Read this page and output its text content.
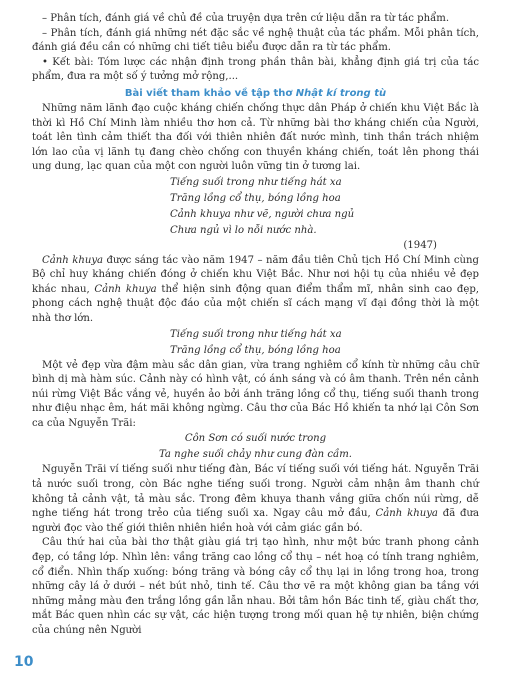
– Phân tích, đánh giá về chủ đề của truyện dựa trên cứ liệu dẫn ra từ tác phẩm.

– Phân tích, đánh giá những nét đặc sắc về nghệ thuật của tác phẩm. Mỗi phân tích, đánh giá đều cần có những chi tiết tiêu biểu được dẫn ra từ tác phẩm.

• Kết bài: Tóm lược các nhận định trong phần thân bài, khẳng định giá trị của tác phẩm, đưa ra một số ý tưởng mở rộng,...

Bài viết tham khảo về tập thơ Nhật kí trong tù

Những năm lãnh đạo cuộc kháng chiến chống thực dân Pháp ở chiến khu Việt Bắc là thời kì Hồ Chí Minh làm nhiều thơ hơn cả. Từ những bài thơ kháng chiến của Người, toát lên tình cảm thiết tha đối với thiên nhiên đất nước mình, tinh thần trách nhiệm lớn lao của vị lãnh tụ đang chèo chống con thuyền kháng chiến, toát lên phong thái ung dung, lạc quan của một con người luôn vững tin ở tương lai.

Tiếng suối trong như tiếng hát xa
Trăng lồng cổ thụ, bóng lồng hoa
Cảnh khuya như vẽ, người chưa ngủ
Chưa ngủ vì lo nỗi nước nhà.
(1947)

Cảnh khuya được sáng tác vào năm 1947 – năm đầu tiên Chủ tịch Hồ Chí Minh cùng Bộ chỉ huy kháng chiến đóng ở chiến khu Việt Bắc. Như nơi hội tụ của nhiều vẻ đẹp khác nhau, Cảnh khuya thể hiện sinh động quan điểm thẩm mĩ, nhân sinh cao đẹp, phong cách nghệ thuật độc đáo của một chiến sĩ cách mạng vĩ đại đồng thời là một nhà thơ lớn.

Tiếng suối trong như tiếng hát xa
Trăng lồng cổ thụ, bóng lồng hoa

Một vẻ đẹp vừa đậm màu sắc dân gian, vừa trang nghiêm cổ kính từ những câu chữ bình dị mà hàm súc. Cảnh này có hình vật, có ánh sáng và có âm thanh. Trên nền cảnh núi rừng Việt Bắc vắng vẻ, huyền ảo bởi ánh trăng lồng cổ thụ, tiếng suối thanh trong như điệu nhạc êm, hát mãi không ngừng. Câu thơ của Bác Hồ khiến ta nhớ lại Côn Sơn ca của Nguyễn Trãi:

Côn Sơn có suối nước trong
Ta nghe suối chảy như cung đàn cầm.

Nguyễn Trãi ví tiếng suối như tiếng đàn, Bác ví tiếng suối với tiếng hát. Nguyễn Trãi tả nước suối trong, còn Bác nghe tiếng suối trong. Người cảm nhận âm thanh chứ không tả cảnh vật, tả màu sắc. Trong đêm khuya thanh vắng giữa chốn núi rừng, dễ nghe tiếng hát trong trẻo của tiếng suối xa. Ngay câu mở đầu, Cảnh khuya đã đưa người đọc vào thế giới thiên nhiên hiền hoà với cảm giác gần bó.

Câu thứ hai của bài thơ thật giàu giá trị tạo hình, như một bức tranh phong cảnh đẹp, có tầng lớp. Nhìn lên: vầng trăng cao lồng cổ thụ – nét hoạ có tính trang nghiêm, cổ điển. Nhìn thấp xuống: bóng trăng và bóng cây cổ thụ lại in lồng trong hoa, trong những cây lá ở dưới – nét bút nhỏ, tinh tế. Câu thơ vẽ ra một không gian ba tầng với những mảng màu đen trắng lồng gần lẫn nhau. Bởi tâm hồn Bác tinh tế, giàu chất thơ, mắt Bác quen nhìn các sự vật, các hiện tượng trong mối quan hệ tự nhiên, biện chứng của chúng nên Người

10
